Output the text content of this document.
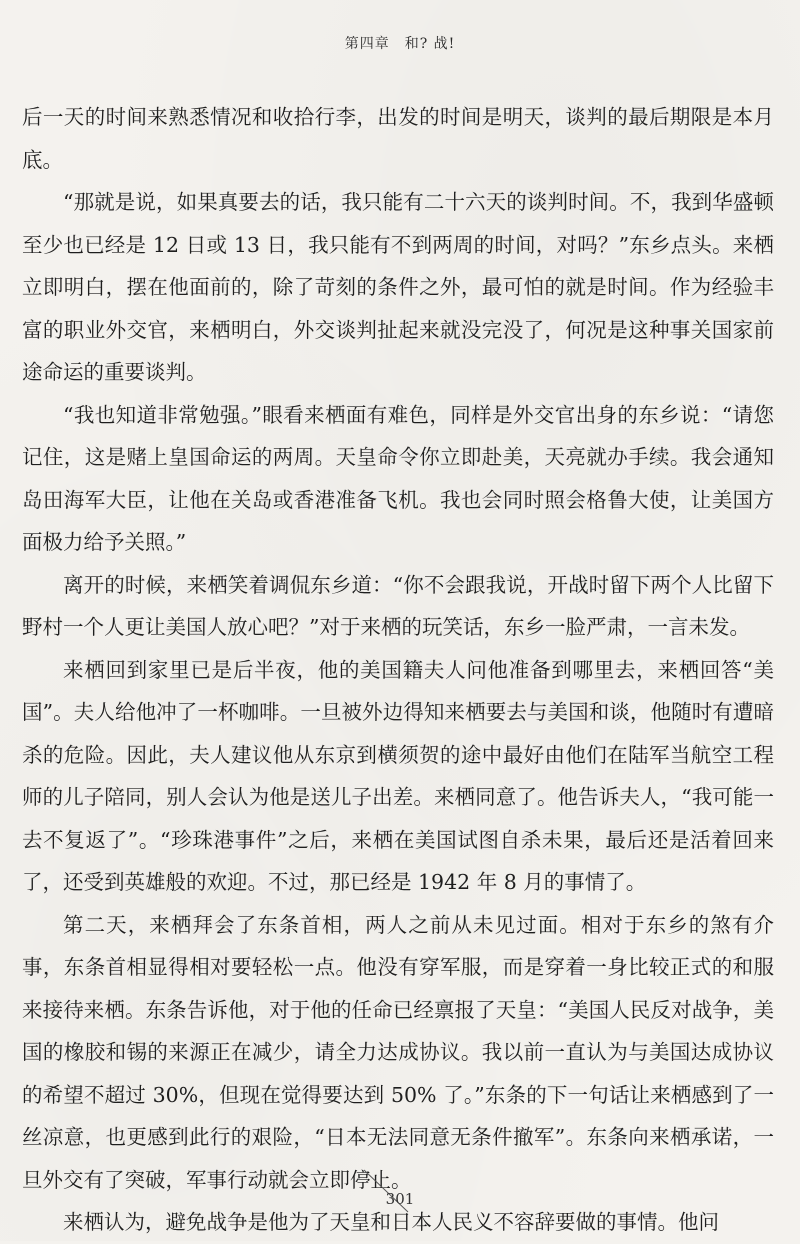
第四章　和? 战!

后一天的时间来熟悉情况和收拾行李，出发的时间是明天，谈判的最后期限是本月底。

“那就是说，如果真要去的话，我只能有二十六天的谈判时间。不，我到华盛顿至少也已经是 12 日或 13 日，我只能有不到两周的时间，对吗？”东乡点头。来栖立即明白，摆在他面前的，除了苛刻的条件之外，最可怕的就是时间。作为经验丰富的职业外交官，来栖明白，外交谈判扯起来就没完没了，何况是这种事关国家前途命运的重要谈判。

“我也知道非常勉强。”眼看来栖面有难色，同样是外交官出身的东乡说：“请您记住，这是赌上皇国命运的两周。天皇命令你立即赴美，天亮就办手续。我会通知岛田海军大臣，让他在关岛或香港准备飞机。我也会同时照会格鲁大使，让美国方面极力给予关照。”

离开的时候，来栖笑着调侃东乡道：“你不会跟我说，开战时留下两个人比留下野村一个人更让美国人放心吧？”对于来栖的玩笑话，东乡一脸严肃，一言未发。

来栖回到家里已是后半夜，他的美国籍夫人问他准备到哪里去，来栖回答“美国”。夫人给他冲了一杯咖啡。一旦被外边得知来栖要去与美国和谈，他随时有遭暗杀的危险。因此，夫人建议他从东京到横须贺的途中最好由他们在陆军当航空工程师的儿子陪同，别人会认为他是送儿子出差。来栖同意了。他告诉夫人，“我可能一去不复返了”。“珍珠港事件”之后，来栖在美国试图自杀未果，最后还是活着回来了，还受到英雄般的欢迎。不过，那已经是 1942 年 8 月的事情了。

第二天，来栖拜会了东条首相，两人之前从未见过面。相对于东乡的煞有介事，东条首相显得相对要轻松一点。他没有穿军服，而是穿着一身比较正式的和服来接待来栖。东条告诉他，对于他的任命已经禀报了天皇：“美国人民反对战争，美国的橡胶和锡的来源正在减少，请全力达成协议。我以前一直认为与美国达成协议的希望不超过 30%，但现在觉得要达到 50% 了。”东条的下一句话让来栖感到了一丝凉意，也更感到此行的艰险，“日本无法同意无条件撤军”。东条向来栖承诺，一旦外交有了突破，军事行动就会立即停止。

来栖认为，避免战争是他为了天皇和日本人民义不容辞要做的事情。他问

301
